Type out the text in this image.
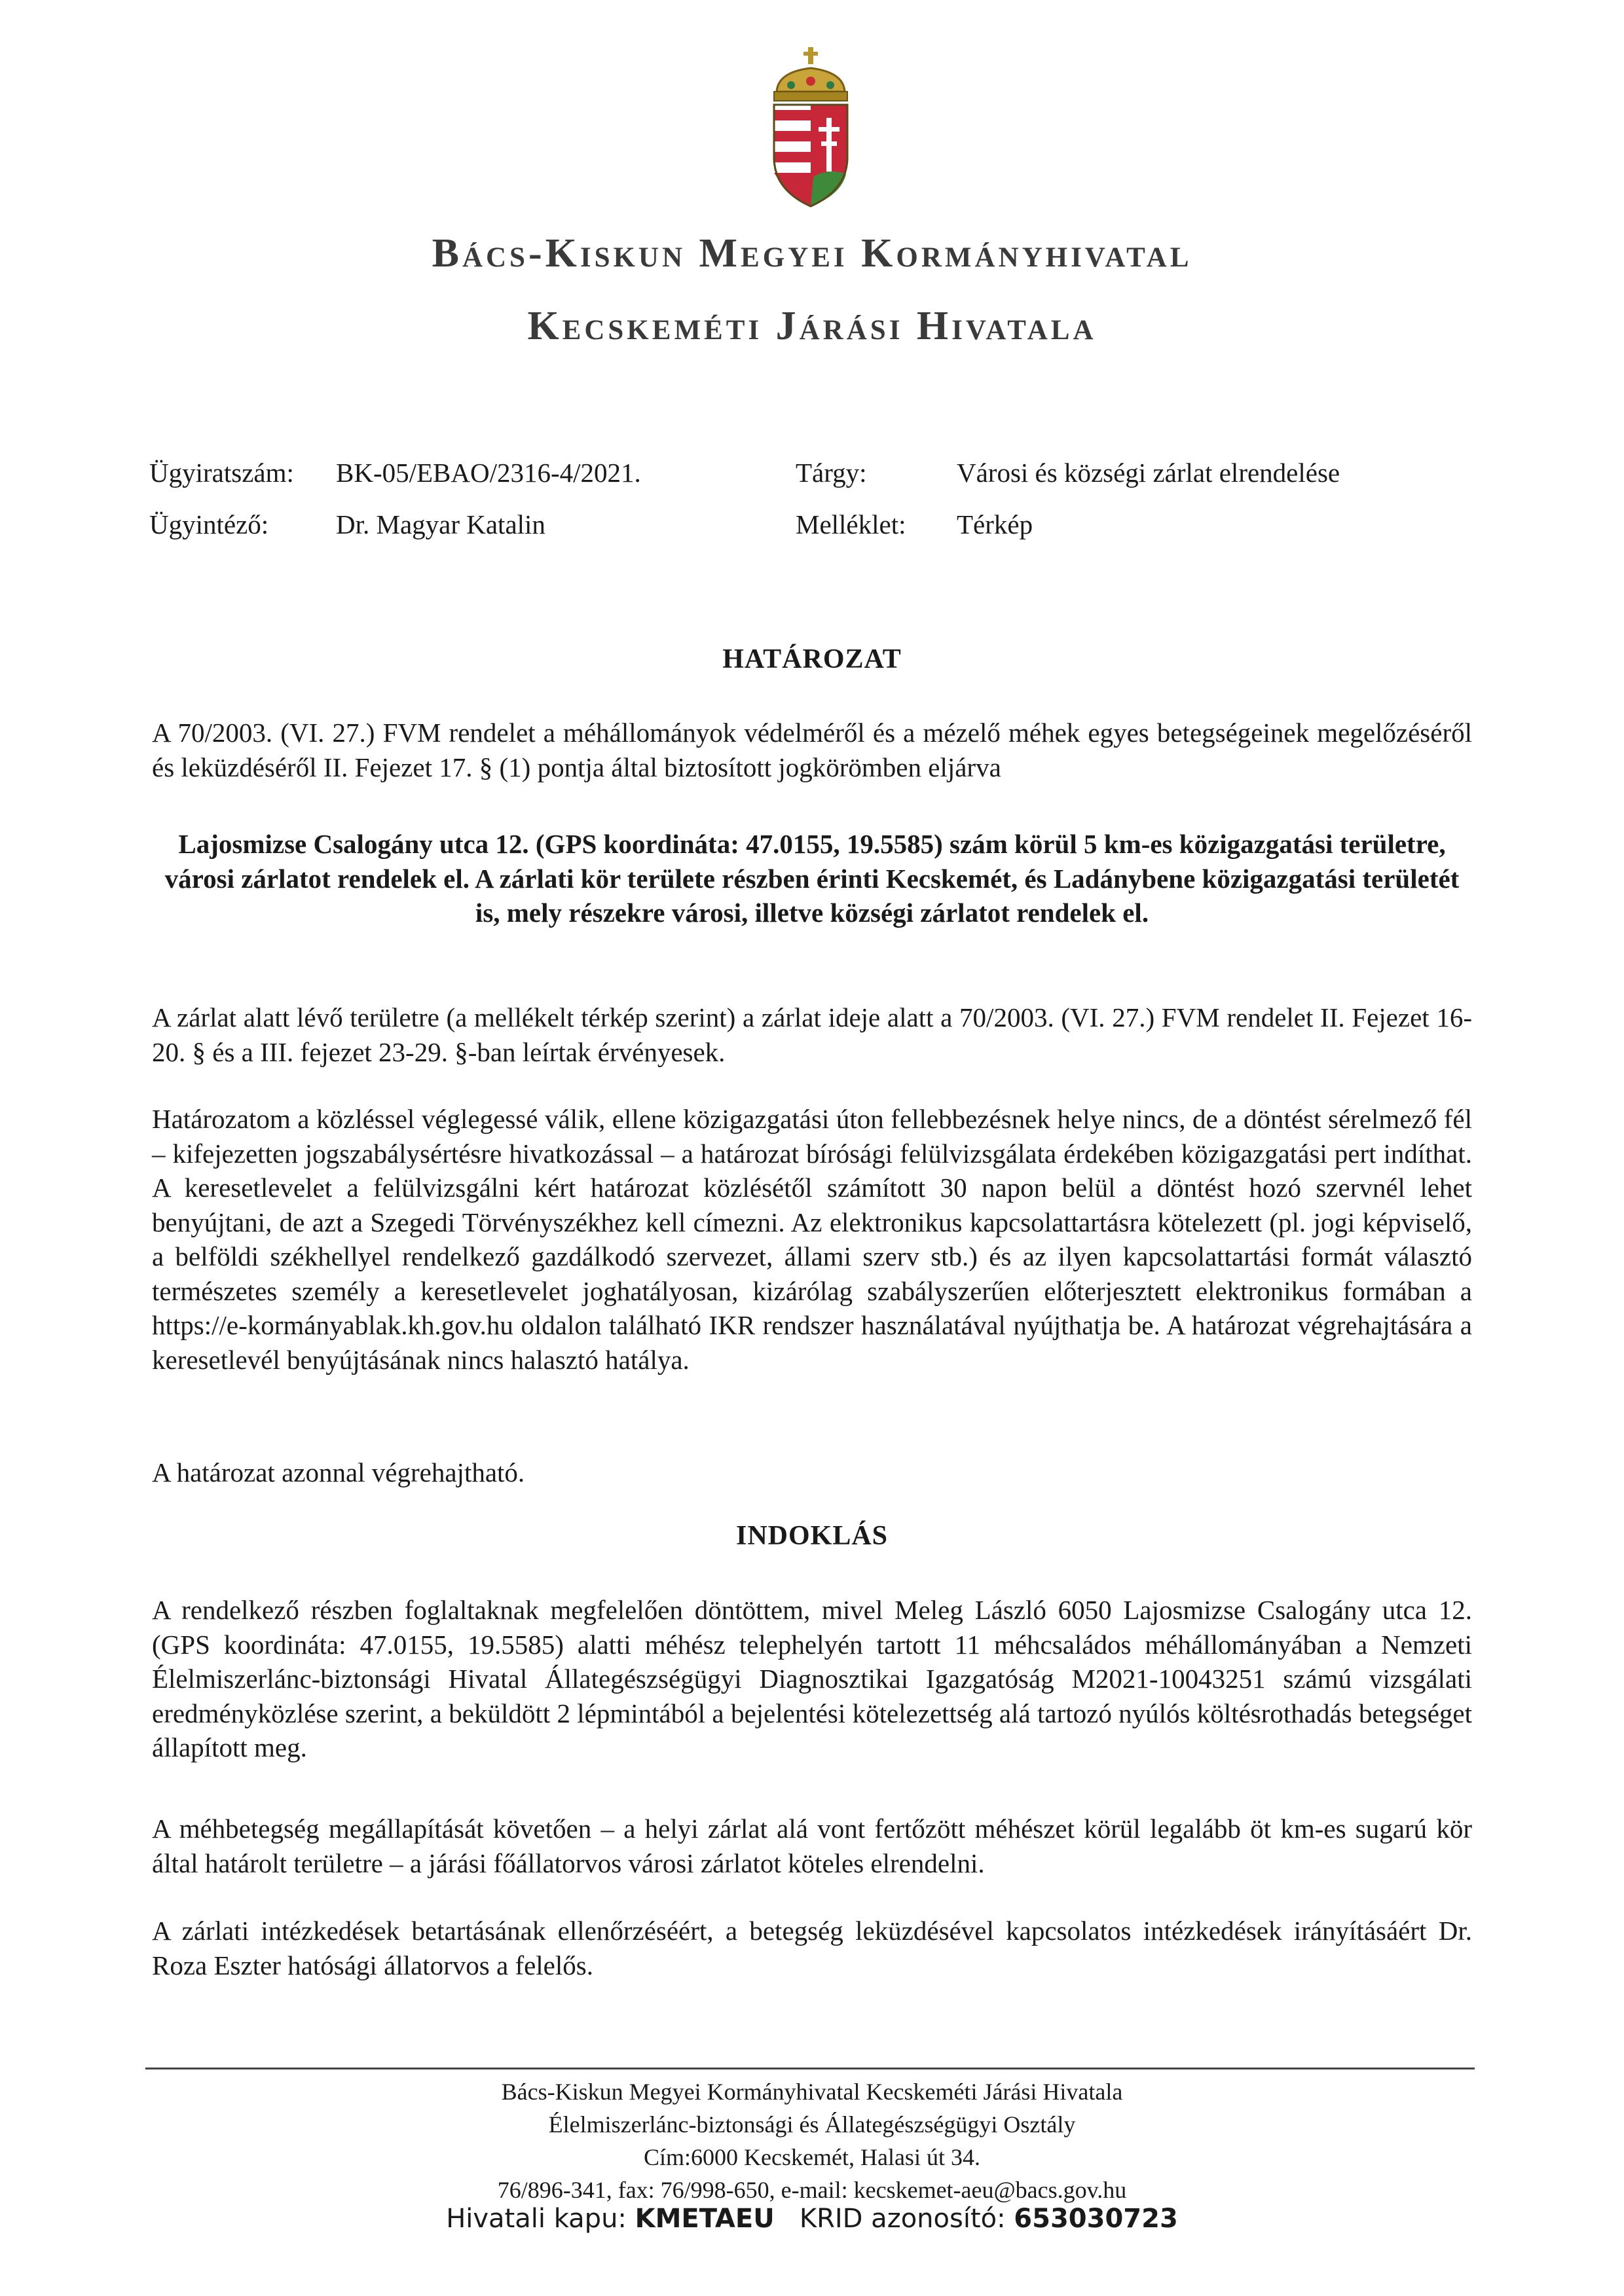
Bács-Kiskun Megyei Kormányhivatal
Kecskeméti Járási Hivatala
Ügyiratszám: BK-05/EBAO/2316-4/2021.	Tárgy:	Városi és községi zárlat elrendelése
Ügyintéző:	Dr. Magyar Katalin	Melléklet: Térkép
HATÁROZAT
A 70/2003. (VI. 27.) FVM rendelet a méhállományok védelméről és a mézelő méhek egyes betegségeinek megelőzéséről és leküzdéséről II. Fejezet 17. § (1) pontja által biztosított jogkörömben eljárva
Lajosmizse Csalogány utca 12. (GPS koordináta: 47.0155, 19.5585) szám körül 5 km-es közigazgatási területre, városi zárlatot rendelek el. A zárlati kör területe részben érinti Kecskemét, és Ladánybene közigazgatási területét is, mely részekre városi, illetve községi zárlatot rendelek el.
A zárlat alatt lévő területre (a mellékelt térkép szerint) a zárlat ideje alatt a 70/2003. (VI. 27.) FVM rendelet II. Fejezet 16-20. § és a III. fejezet 23-29. §-ban leírtak érvényesek.
Határozatom a közléssel véglegessé válik, ellene közigazgatási úton fellebbezésnek helye nincs, de a döntést sérelmező fél – kifejezetten jogszabálysértésre hivatkozással – a határozat bírósági felülvizsgálata érdekében közigazgatási pert indíthat. A keresetlevelet a felülvizsgálni kért határozat közlésétől számított 30 napon belül a döntést hozó szervnél lehet benyújtani, de azt a Szegedi Törvényszékhez kell címezni. Az elektronikus kapcsolattartásra kötelezett (pl. jogi képviselő, a belföldi székhellyel rendelkező gazdálkodó szervezet, állami szerv stb.) és az ilyen kapcsolattartási formát választó természetes személy a keresetlevelet joghatályosan, kizárólag szabályszerűen előterjesztett elektronikus formában a https://e-kormányablak.kh.gov.hu oldalon található IKR rendszer használatával nyújthatja be. A határozat végrehajtására a keresetlevél benyújtásának nincs halasztó hatálya.
A határozat azonnal végrehajtható.
INDOKLÁS
A rendelkező részben foglaltaknak megfelelően döntöttem, mivel Meleg László 6050 Lajosmizse Csalogány utca 12. (GPS koordináta: 47.0155, 19.5585) alatti méhész telephelyén tartott 11 méhcsaládos méhállományában a Nemzeti Élelmiszerlánc-biztonsági Hivatal Állategészségügyi Diagnosztikai Igazgatóság M2021-10043251 számú vizsgálati eredményközlése szerint, a beküldött 2 lépmintából a bejelentési kötelezettség alá tartozó nyúlós költésrothadás betegséget állapított meg.
A méhbetegség megállapítását követően – a helyi zárlat alá vont fertőzött méhészet körül legalább öt km-es sugarú kör által határolt területre – a járási főállatorvos városi zárlatot köteles elrendelni.
A zárlati intézkedések betartásának ellenőrzéséért, a betegség leküzdésével kapcsolatos intézkedések irányításáért Dr. Roza Eszter hatósági állatorvos a felelős.
Bács-Kiskun Megyei Kormányhivatal Kecskeméti Járási Hivatala
Élelmiszerlánc-biztonsági és Állategészségügyi Osztály
Cím:6000 Kecskemét, Halasi út 34.
76/896-341, fax: 76/998-650, e-mail: kecskemet-aeu@bacs.gov.hu
Hivatali kapu: KMETAEU KRID azonosító: 653030723
